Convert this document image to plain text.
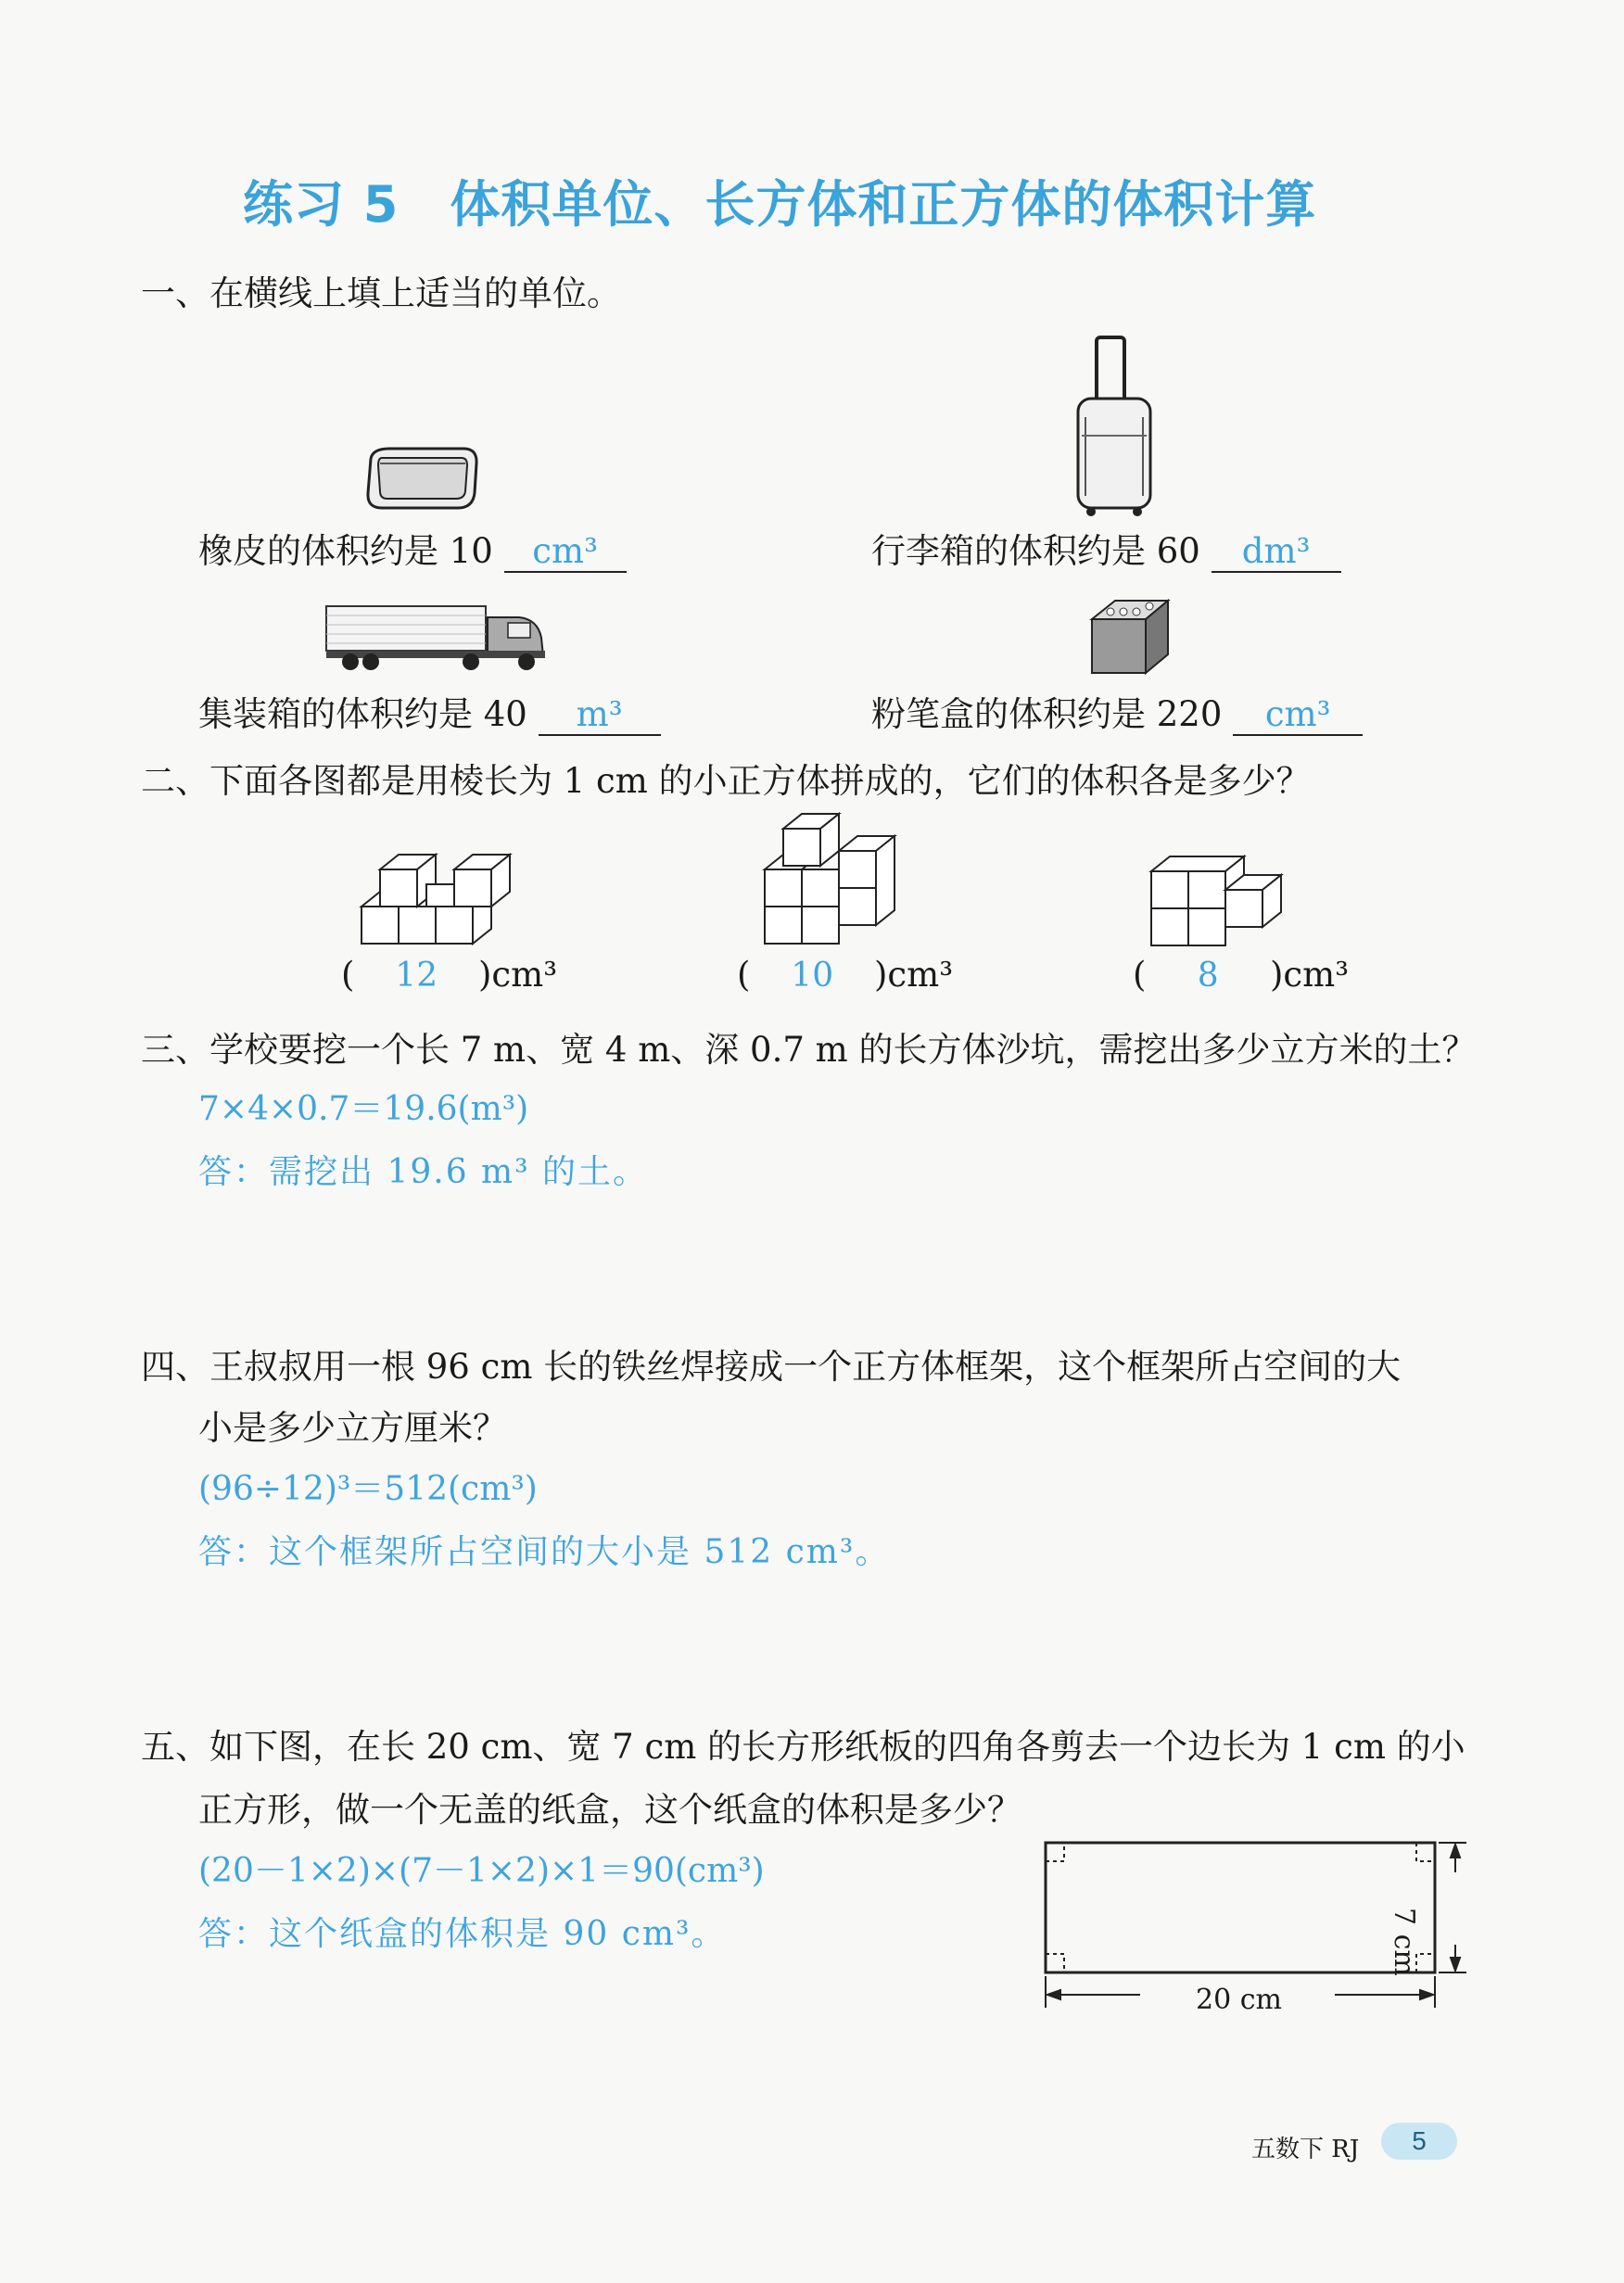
练习 5　体积单位、长方体和正方体的体积计算
一、在横线上填上适当的单位。
橡皮的体积约是 10 cm³	行李箱的体积约是 60 dm³
集装箱的体积约是 40 m³	粉笔盒的体积约是 220 cm³
二、下面各图都是用棱长为 1 cm 的小正方体拼成的，它们的体积各是多少？
( 12 )cm³	( 10 )cm³	( 8 )cm³
三、学校要挖一个长 7 m、宽 4 m、深 0.7 m 的长方体沙坑，需挖出多少立方米的土？
7×4×0.7＝19.6(m³)
答：需挖出 19.6 m³ 的土。
四、王叔叔用一根 96 cm 长的铁丝焊接成一个正方体框架，这个框架所占空间的大
小是多少立方厘米？
(96÷12)³＝512(cm³)
答：这个框架所占空间的大小是 512 cm³。
五、如下图，在长 20 cm、宽 7 cm 的长方形纸板的四角各剪去一个边长为 1 cm 的小
正方形，做一个无盖的纸盒，这个纸盒的体积是多少？
(20－1×2)×(7－1×2)×1＝90(cm³)
答：这个纸盒的体积是 90 cm³。
20 cm
7 cm
五数下 RJ	5
